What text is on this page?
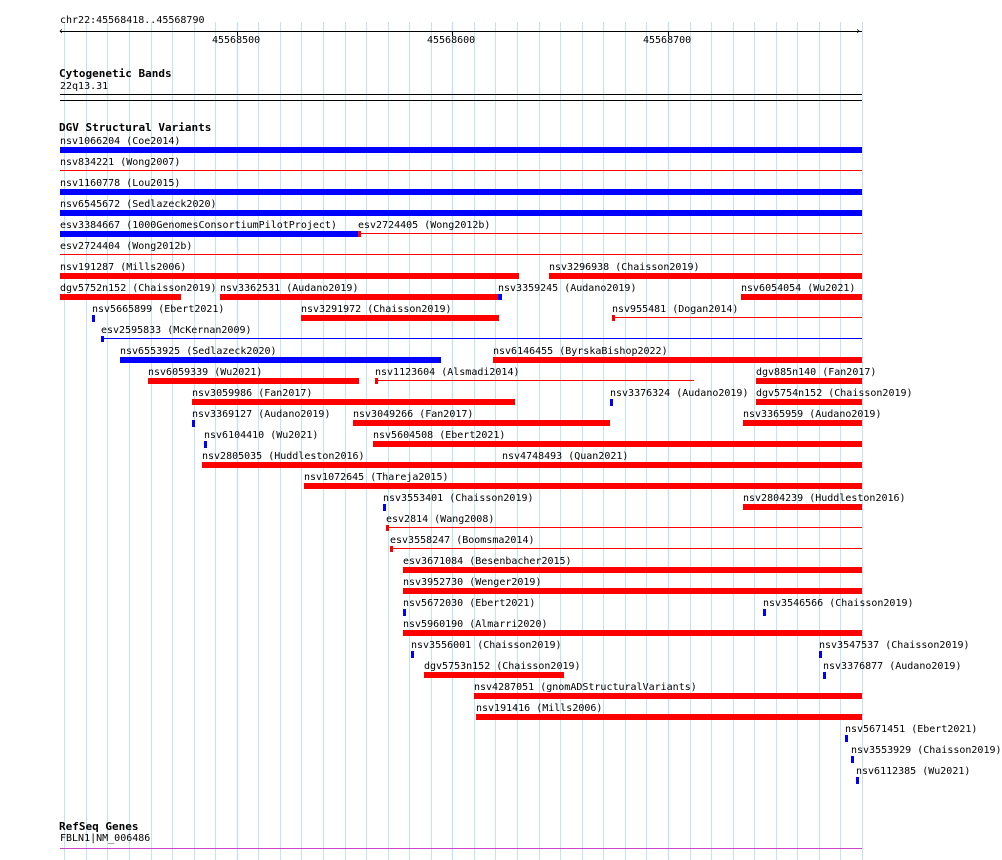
chr22:45568418..45568790
‹	›
45568500	45568600	45568700
Cytogenetic Bands
22q13.31
DGV Structural Variants
nsv1066204 (Coe2014)
nsv834221 (Wong2007)
nsv1160778 (Lou2015)
nsv6545672 (Sedlazeck2020)
esv3384667 (1000GenomesConsortiumPilotProject) esv2724405 (Wong2012b)
esv2724404 (Wong2012b)
nsv191287 (Mills2006)	nsv3296938 (Chaisson2019)
dgv5752n152 (Chaisson2019) nsv3362531 (Audano2019)	nsv3359245 (Audano2019)	nsv6054054 (Wu2021)
nsv5665899 (Ebert2021)	nsv3291972 (Chaisson2019)	nsv955481 (Dogan2014)
esv2595833 (McKernan2009)
nsv6553925 (Sedlazeck2020)	nsv6146455 (ByrskaBishop2022)
nsv6059339 (Wu2021)	nsv1123604 (Alsmadi2014)	dgv885n140 (Fan2017)
nsv3059986 (Fan2017)	nsv3376324 (Audano2019) dgv5754n152 (Chaisson2019)
nsv3369127 (Audano2019) nsv3049266 (Fan2017)	nsv3365959 (Audano2019)
nsv6104410 (Wu2021)	nsv5604508 (Ebert2021)
nsv2805035 (Huddleston2016)	nsv4748493 (Quan2021)
nsv1072645 (Thareja2015)
nsv3553401 (Chaisson2019)	nsv2804239 (Huddleston2016)
esv2814 (Wang2008)
esv3558247 (Boomsma2014)
esv3671084 (Besenbacher2015)
nsv3952730 (Wenger2019)
nsv5672030 (Ebert2021)	nsv3546566 (Chaisson2019)
nsv5960190 (Almarri2020)
nsv3556001 (Chaisson2019)	nsv3547537 (Chaisson2019)
dgv5753n152 (Chaisson2019)	nsv3376877 (Audano2019)
nsv4287051 (gnomADStructuralVariants)
nsv191416 (Mills2006)
nsv5671451 (Ebert2021)
nsv3553929 (Chaisson2019)
nsv6112385 (Wu2021)
RefSeq Genes
FBLN1|NM_006486
